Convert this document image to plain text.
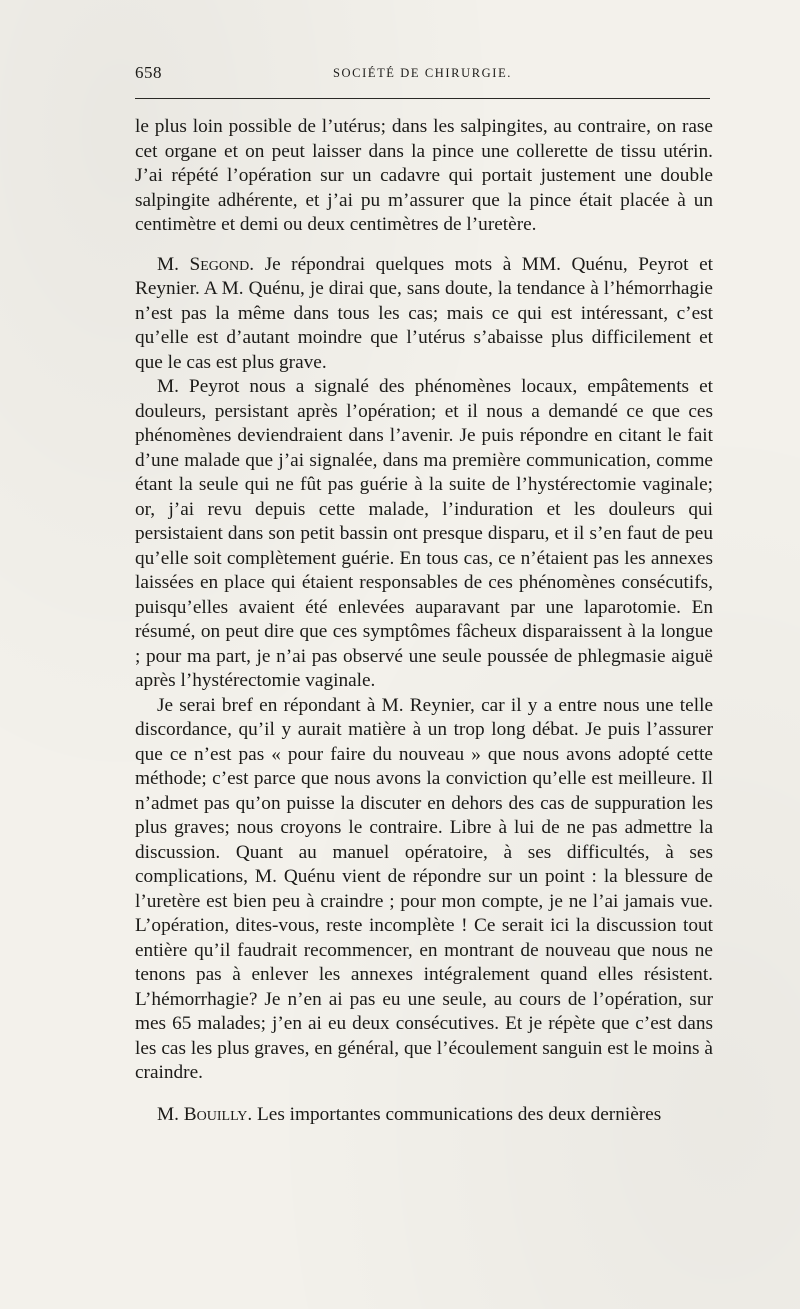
658	SOCIÉTÉ DE CHIRURGIE.

le plus loin possible de l’utérus; dans les salpingites, au contraire, on rase cet organe et on peut laisser dans la pince une collerette de tissu utérin. J’ai répété l’opération sur un cadavre qui portait justement une double salpingite adhérente, et j’ai pu m’assurer que la pince était placée à un centimètre et demi ou deux centimètres de l’uretère.

M. Segond. Je répondrai quelques mots à MM. Quénu, Peyrot et Reynier. A M. Quénu, je dirai que, sans doute, la tendance à l’hémorrhagie n’est pas la même dans tous les cas; mais ce qui est intéressant, c’est qu’elle est d’autant moindre que l’utérus s’abaisse plus difficilement et que le cas est plus grave.

M. Peyrot nous a signalé des phénomènes locaux, empâtements et douleurs, persistant après l’opération; et il nous a demandé ce que ces phénomènes deviendraient dans l’avenir. Je puis répondre en citant le fait d’une malade que j’ai signalée, dans ma première communication, comme étant la seule qui ne fût pas guérie à la suite de l’hystérectomie vaginale; or, j’ai revu depuis cette malade, l’induration et les douleurs qui persistaient dans son petit bassin ont presque disparu, et il s’en faut de peu qu’elle soit complètement guérie. En tous cas, ce n’étaient pas les annexes laissées en place qui étaient responsables de ces phénomènes consécutifs, puisqu’elles avaient été enlevées auparavant par une laparotomie. En résumé, on peut dire que ces symptômes fâcheux disparaissent à la longue ; pour ma part, je n’ai pas observé une seule poussée de phlegmasie aiguë après l’hystérectomie vaginale.

Je serai bref en répondant à M. Reynier, car il y a entre nous une telle discordance, qu’il y aurait matière à un trop long débat. Je puis l’assurer que ce n’est pas « pour faire du nouveau » que nous avons adopté cette méthode; c’est parce que nous avons la conviction qu’elle est meilleure. Il n’admet pas qu’on puisse la discuter en dehors des cas de suppuration les plus graves; nous croyons le contraire. Libre à lui de ne pas admettre la discussion. Quant au manuel opératoire, à ses difficultés, à ses complications, M. Quénu vient de répondre sur un point : la blessure de l’uretère est bien peu à craindre ; pour mon compte, je ne l’ai jamais vue. L’opération, dites-vous, reste incomplète ! Ce serait ici la discussion tout entière qu’il faudrait recommencer, en montrant de nouveau que nous ne tenons pas à enlever les annexes intégralement quand elles résistent. L’hémorrhagie? Je n’en ai pas eu une seule, au cours de l’opération, sur mes 65 malades; j’en ai eu deux consécutives. Et je répète que c’est dans les cas les plus graves, en général, que l’écoulement sanguin est le moins à craindre.

M. Bouilly. Les importantes communications des deux dernières
